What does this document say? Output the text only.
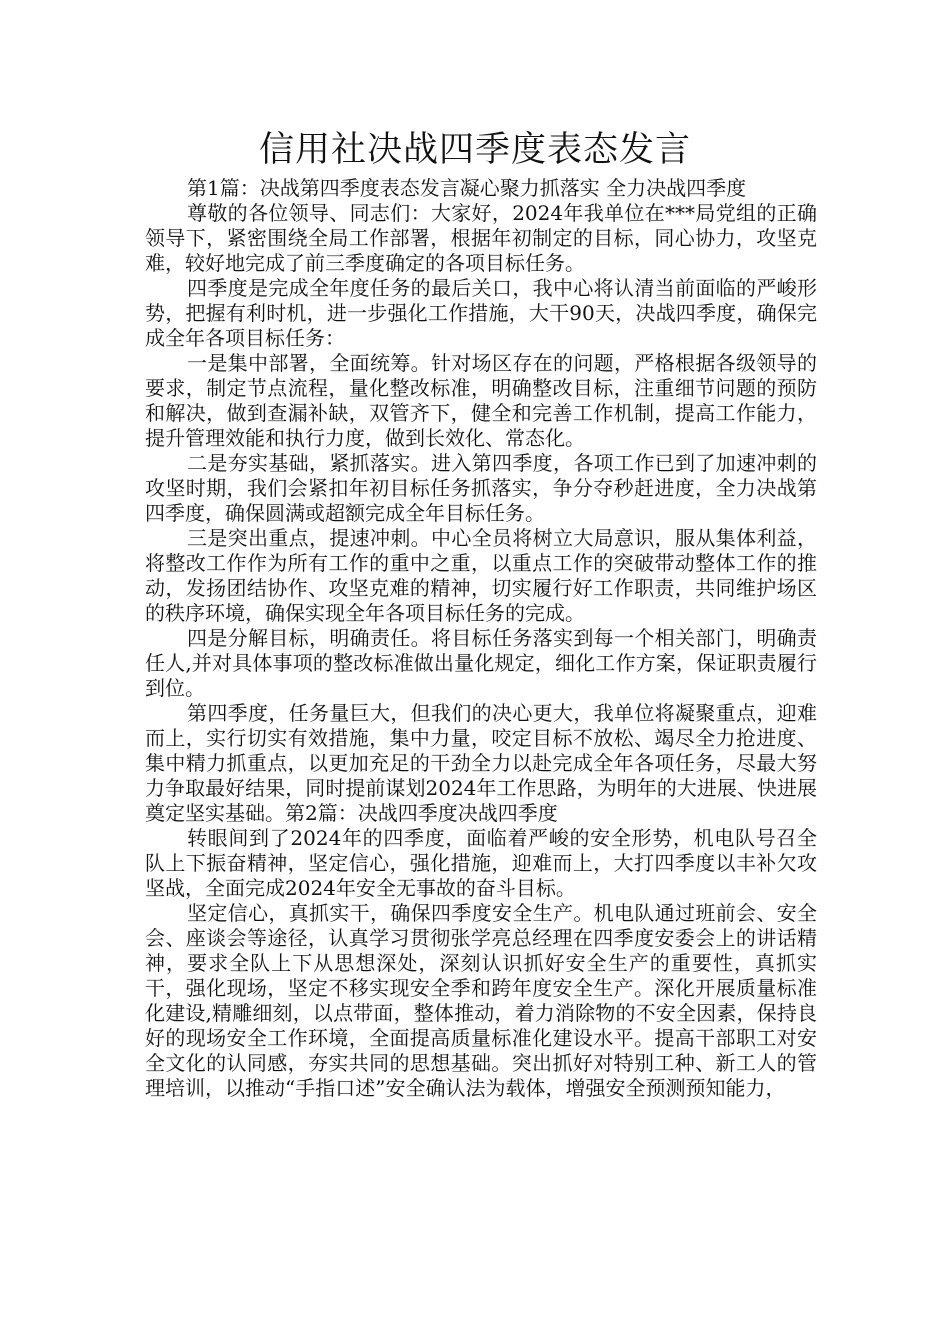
信用社决战四季度表态发言

第1篇：决战第四季度表态发言凝心聚力抓落实 全力决战四季度

尊敬的各位领导、同志们：大家好，2024年我单位在***局党组的正确领导下，紧密围绕全局工作部署，根据年初制定的目标，同心协力，攻坚克难，较好地完成了前三季度确定的各项目标任务。

四季度是完成全年度任务的最后关口，我中心将认清当前面临的严峻形势，把握有利时机，进一步强化工作措施，大干90天，决战四季度，确保完成全年各项目标任务：

一是集中部署，全面统筹。针对场区存在的问题，严格根据各级领导的要求，制定节点流程，量化整改标准，明确整改目标，注重细节问题的预防和解决，做到查漏补缺，双管齐下，健全和完善工作机制，提高工作能力，提升管理效能和执行力度，做到长效化、常态化。

二是夯实基础，紧抓落实。进入第四季度，各项工作已到了加速冲刺的攻坚时期，我们会紧扣年初目标任务抓落实，争分夺秒赶进度，全力决战第四季度，确保圆满或超额完成全年目标任务。

三是突出重点，提速冲刺。中心全员将树立大局意识，服从集体利益，将整改工作作为所有工作的重中之重，以重点工作的突破带动整体工作的推动，发扬团结协作、攻坚克难的精神，切实履行好工作职责，共同维护场区的秩序环境，确保实现全年各项目标任务的完成。

四是分解目标，明确责任。将目标任务落实到每一个相关部门，明确责任人,并对具体事项的整改标准做出量化规定，细化工作方案，保证职责履行到位。

第四季度，任务量巨大，但我们的决心更大，我单位将凝聚重点，迎难而上，实行切实有效措施，集中力量，咬定目标不放松、竭尽全力抢进度、集中精力抓重点，以更加充足的干劲全力以赴完成全年各项任务，尽最大努力争取最好结果，同时提前谋划2024年工作思路，为明年的大进展、快进展奠定坚实基础。第2篇：决战四季度决战四季度

转眼间到了2024年的四季度，面临着严峻的安全形势，机电队号召全队上下振奋精神，坚定信心，强化措施，迎难而上，大打四季度以丰补欠攻坚战，全面完成2024年安全无事故的奋斗目标。

坚定信心，真抓实干，确保四季度安全生产。机电队通过班前会、安全会、座谈会等途径，认真学习贯彻张学亮总经理在四季度安委会上的讲话精神，要求全队上下从思想深处，深刻认识抓好安全生产的重要性，真抓实干，强化现场，坚定不移实现安全季和跨年度安全生产。深化开展质量标准化建设,精雕细刻，以点带面，整体推动，着力消除物的不安全因素，保持良好的现场安全工作环境，全面提高质量标准化建设水平。提高干部职工对安全文化的认同感，夯实共同的思想基础。突出抓好对特别工种、新工人的管理培训，以推动“手指口述”安全确认法为载体，增强安全预测预知能力，
